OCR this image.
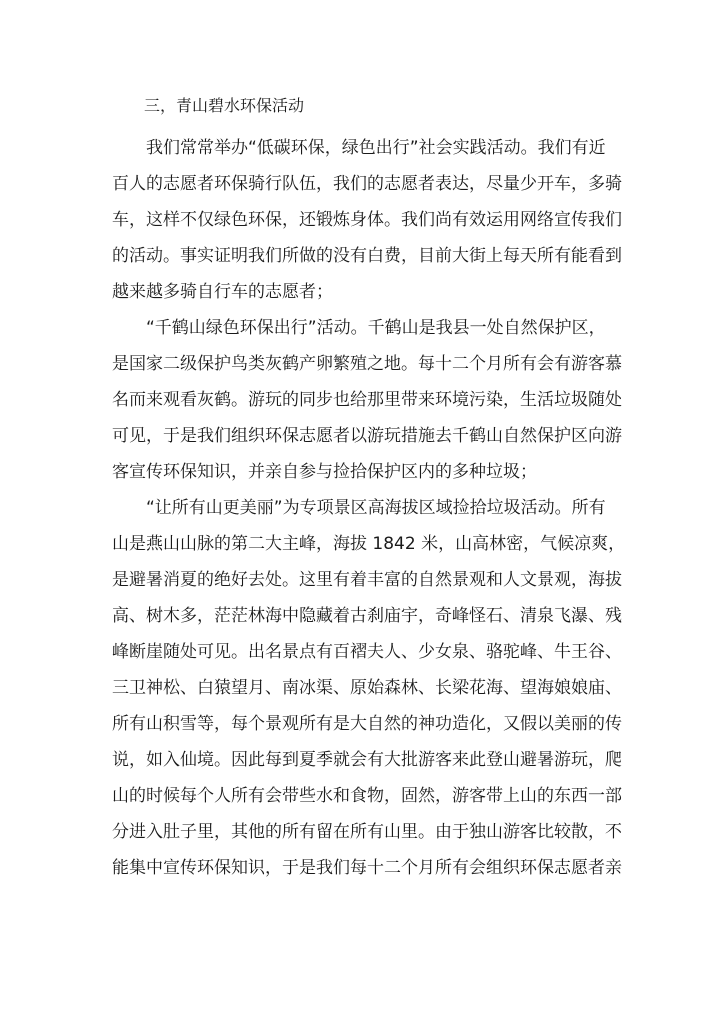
三，青山碧水环保活动
我们常常举办“低碳环保，绿色出行”社会实践活动。我们有近
百人的志愿者环保骑行队伍，我们的志愿者表达，尽量少开车，多骑
车，这样不仅绿色环保，还锻炼身体。我们尚有效运用网络宣传我们
的活动。事实证明我们所做的没有白费，目前大街上每天所有能看到
越来越多骑自行车的志愿者；
“千鹤山绿色环保出行”活动。千鹤山是我县一处自然保护区，
是国家二级保护鸟类灰鹤产卵繁殖之地。每十二个月所有会有游客慕
名而来观看灰鹤。游玩的同步也给那里带来环境污染，生活垃圾随处
可见，于是我们组织环保志愿者以游玩措施去千鹤山自然保护区向游
客宣传环保知识，并亲自参与捡拾保护区内的多种垃圾；
“让所有山更美丽”为专项景区高海拔区域捡拾垃圾活动。所有
山是燕山山脉的第二大主峰，海拔 1842 米，山高林密，气候凉爽，
是避暑消夏的绝好去处。这里有着丰富的自然景观和人文景观，海拔
高、树木多，茫茫林海中隐藏着古刹庙宇，奇峰怪石、清泉飞瀑、残
峰断崖随处可见。出名景点有百褶夫人、少女泉、骆驼峰、牛王谷、
三卫神松、白猿望月、南冰渠、原始森林、长梁花海、望海娘娘庙、
所有山积雪等，每个景观所有是大自然的神功造化，又假以美丽的传
说，如入仙境。因此每到夏季就会有大批游客来此登山避暑游玩，爬
山的时候每个人所有会带些水和食物，固然，游客带上山的东西一部
分进入肚子里，其他的所有留在所有山里。由于独山游客比较散，不
能集中宣传环保知识，于是我们每十二个月所有会组织环保志愿者亲
